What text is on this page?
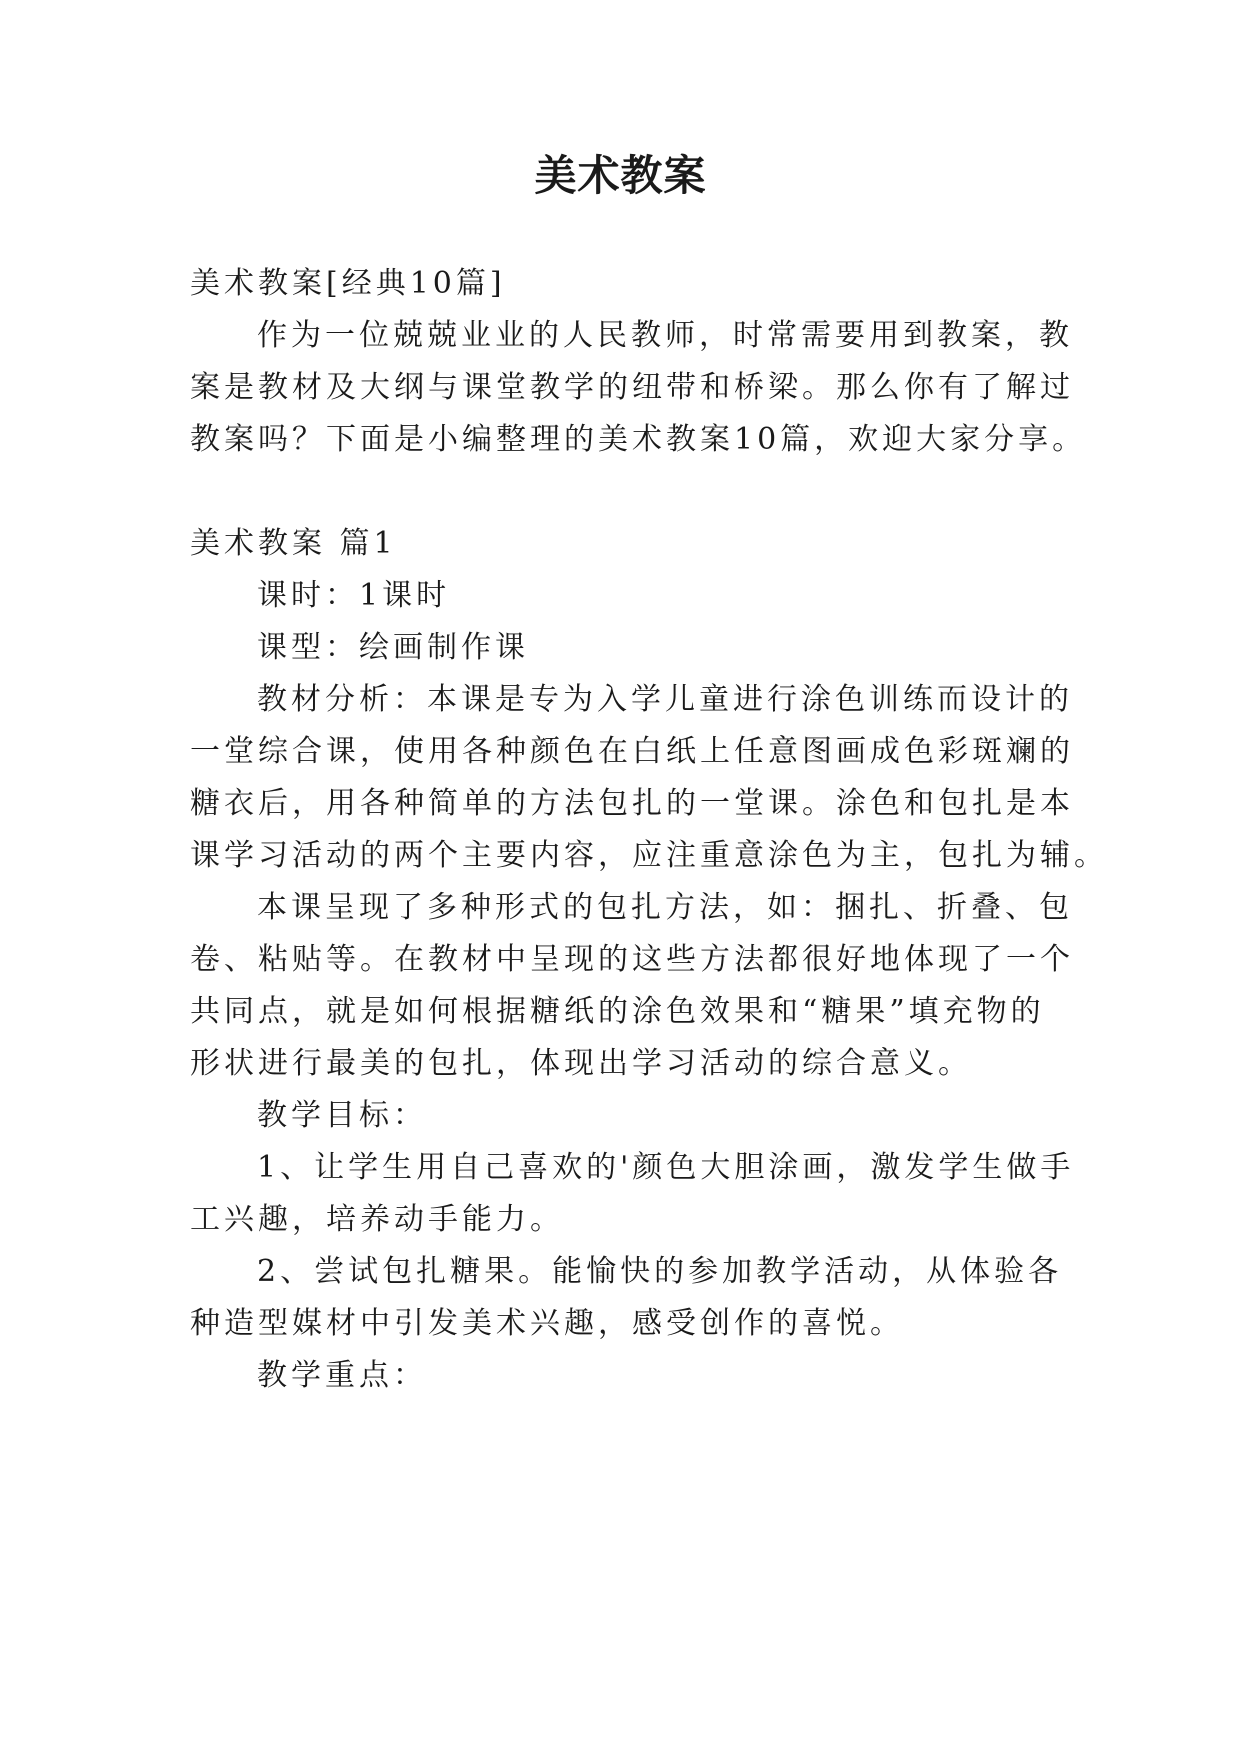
美术教案

美术教案[经典10篇]

作为一位兢兢业业的人民教师，时常需要用到教案，教

案是教材及大纲与课堂教学的纽带和桥梁。那么你有了解过

教案吗？下面是小编整理的美术教案10篇，欢迎大家分享。

美术教案 篇1

课时：1课时

课型：绘画制作课

教材分析：本课是专为入学儿童进行涂色训练而设计的

一堂综合课，使用各种颜色在白纸上任意图画成色彩斑斓的

糖衣后，用各种简单的方法包扎的一堂课。涂色和包扎是本

课学习活动的两个主要内容，应注重意涂色为主，包扎为辅。

本课呈现了多种形式的包扎方法，如：捆扎、折叠、包

卷、粘贴等。在教材中呈现的这些方法都很好地体现了一个

共同点，就是如何根据糖纸的涂色效果和“糖果”填充物的

形状进行最美的包扎，体现出学习活动的综合意义。

教学目标：

1、让学生用自己喜欢的'颜色大胆涂画，激发学生做手

工兴趣，培养动手能力。

2、尝试包扎糖果。能愉快的参加教学活动，从体验各

种造型媒材中引发美术兴趣，感受创作的喜悦。

教学重点：
